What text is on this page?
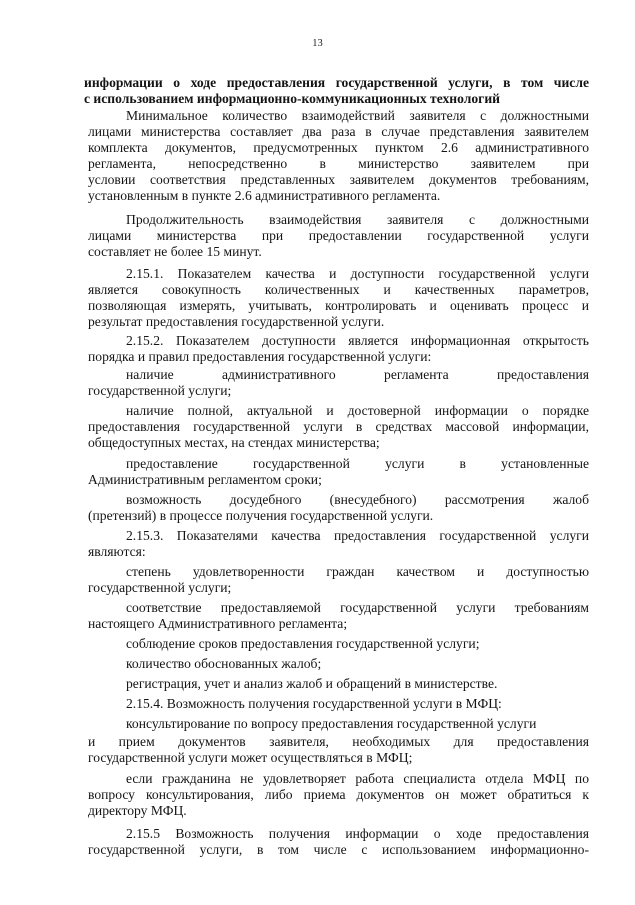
13
информации о ходе предоставления государственной услуги, в том числе
с использованием информационно-коммуникационных технологий
Минимальное количество взаимодействий заявителя с должностными
лицами министерства составляет два раза в случае представления заявителем
комплекта документов, предусмотренных пунктом 2.6 административного
регламента, непосредственно в министерство заявителем при
условии соответствия представленных заявителем документов требованиям,
установленным в пункте 2.6 административного регламента.
Продолжительность взаимодействия заявителя с должностными
лицами министерства при предоставлении государственной услуги
составляет не более 15 минут.
2.15.1. Показателем качества и доступности государственной услуги
является совокупность количественных и качественных параметров,
позволяющая измерять, учитывать, контролировать и оценивать процесс и
результат предоставления государственной услуги.
2.15.2. Показателем доступности является информационная открытость
порядка и правил предоставления государственной услуги:
наличие административного регламента предоставления
государственной услуги;
наличие полной, актуальной и достоверной информации о порядке
предоставления государственной услуги в средствах массовой информации,
общедоступных местах, на стендах министерства;
предоставление государственной услуги в установленные
Административным регламентом сроки;
возможность досудебного (внесудебного) рассмотрения жалоб
(претензий) в процессе получения государственной услуги.
2.15.3. Показателями качества предоставления государственной услуги
являются:
степень удовлетворенности граждан качеством и доступностью
государственной услуги;
соответствие предоставляемой государственной услуги требованиям
настоящего Административного регламента;
соблюдение сроков предоставления государственной услуги;
количество обоснованных жалоб;
регистрация, учет и анализ жалоб и обращений в министерстве.
2.15.4. Возможность получения государственной услуги в МФЦ:
консультирование по вопросу предоставления государственной услуги
и прием документов заявителя, необходимых для предоставления
государственной услуги может осуществляться в МФЦ;
если гражданина не удовлетворяет работа специалиста отдела МФЦ по
вопросу консультирования, либо приема документов он может обратиться к
директору МФЦ.
2.15.5 Возможность получения информации о ходе предоставления
государственной услуги, в том числе с использованием информационно-
